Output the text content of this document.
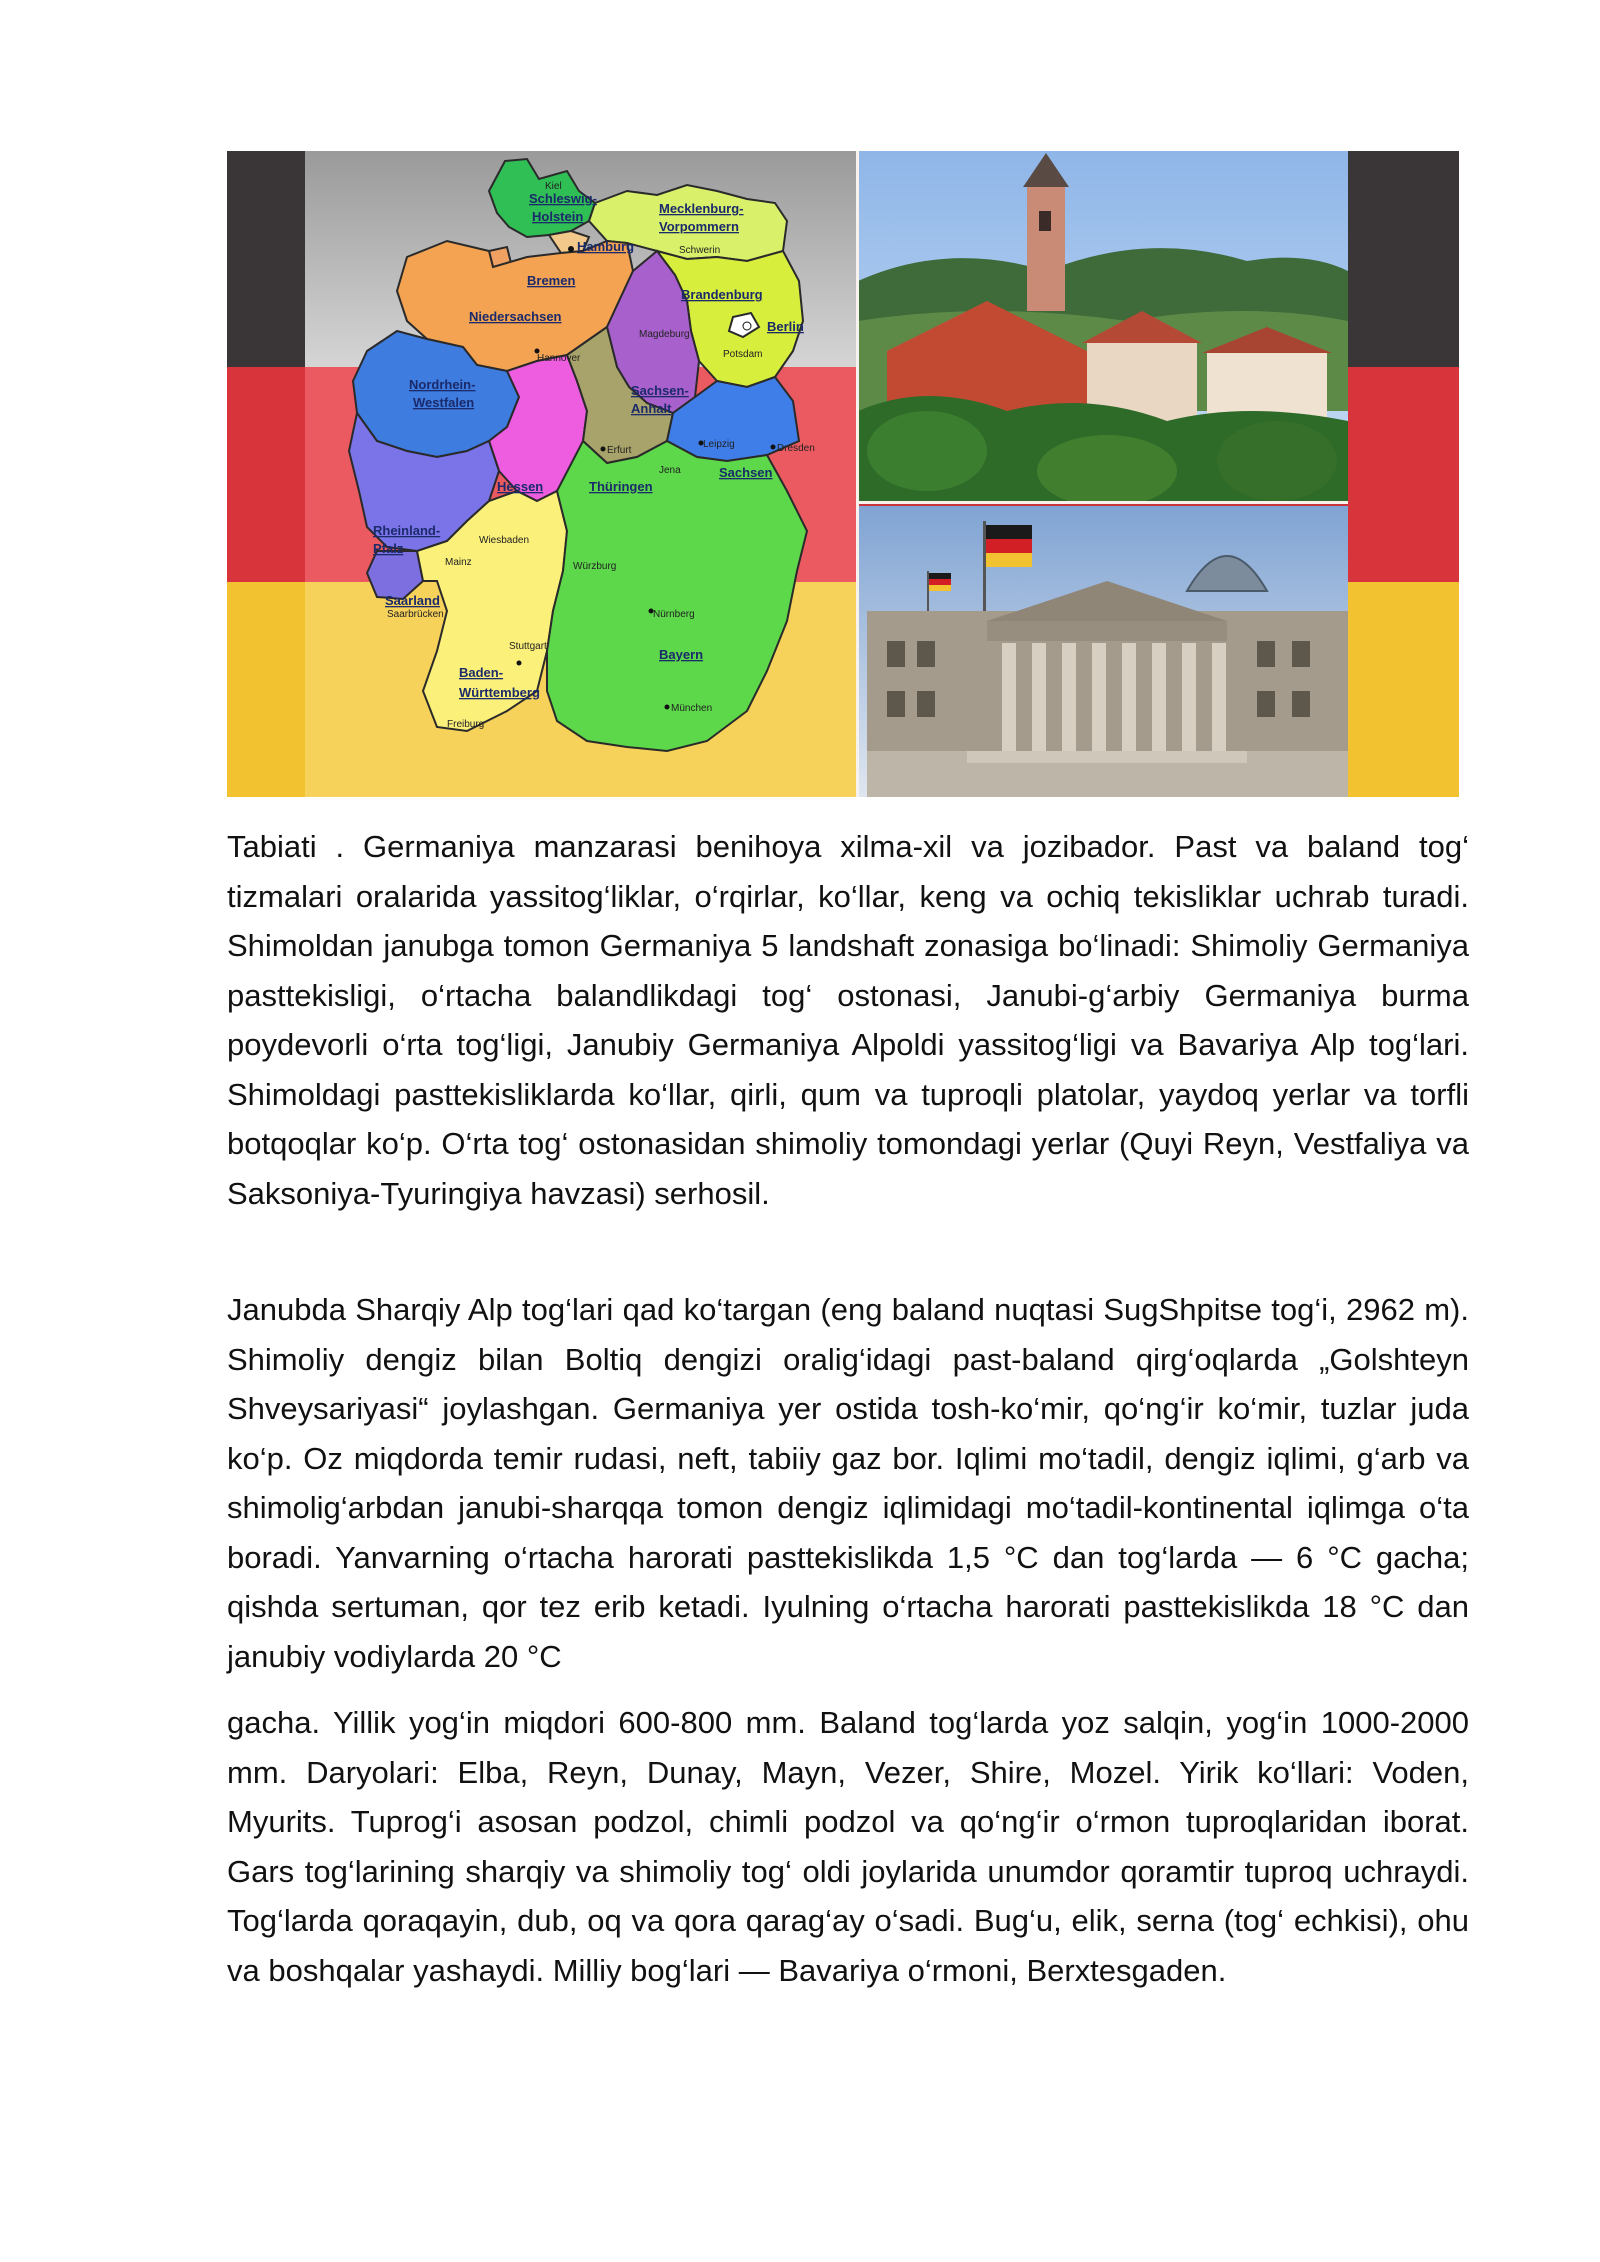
Schleswig-
Holstein
Mecklenburg-
Vorpommern
Hamburg
Bremen
Brandenburg
Berlin
Niedersachsen
Nordrhein-
Westfalen
Sachsen-
Anhalt
Sachsen
Hessen	Thüringen
Rheinland-
Pfalz
Saarland
Bayern
Baden-
Württemberg
Kiel
Schwerin
Potsdam
Hannover
Magdeburg
Leipzig	Dresden
Erfurt
Jena
Wiesbaden
Mainz	Würzburg
Saarbrücken	Nürnberg
Stuttgart
München
Freiburg

Tabiati . Germaniya manzarasi benihoya xilma-xil va jozibador. Past va baland tog‘ tizmalari oralarida yassitog‘liklar, o‘rqirlar, ko‘llar, keng va ochiq tekisliklar uchrab turadi. Shimoldan janubga tomon Germaniya 5 landshaft zonasiga bo‘linadi: Shimoliy Germaniya pasttekisligi, o‘rtacha balandlikdagi tog‘ ostonasi, Janubi-g‘arbiy Germaniya burma poydevorli o‘rta tog‘ligi, Janubiy Germaniya Alpoldi yassitog‘ligi va Bavariya Alp tog‘lari. Shimoldagi pasttekisliklarda ko‘llar, qirli, qum va tuproqli platolar, yaydoq yerlar va torfli botqoqlar ko‘p. O‘rta tog‘ ostonasidan shimoliy tomondagi yerlar (Quyi Reyn, Vestfaliya va Saksoniya-Tyuringiya havzasi) serhosil.

Janubda Sharqiy Alp tog‘lari qad ko‘targan (eng baland nuqtasi SugShpitse tog‘i, 2962 m). Shimoliy dengiz bilan Boltiq dengizi oralig‘idagi past-baland qirg‘oqlarda „Golshteyn Shveysariyasi“ joylashgan. Germaniya yer ostida tosh-ko‘mir, qo‘ng‘ir ko‘mir, tuzlar juda ko‘p. Oz miqdorda temir rudasi, neft, tabiiy gaz bor. Iqlimi mo‘tadil, dengiz iqlimi, g‘arb va shimolig‘arbdan janubi-sharqqa tomon dengiz iqlimidagi mo‘tadil-kontinental iqlimga o‘ta boradi. Yanvarning o‘rtacha harorati pasttekislikda 1,5 °C dan tog‘larda — 6 °C gacha; qishda sertuman, qor tez erib ketadi. Iyulning o‘rtacha harorati pasttekislikda 18 °C dan janubiy vodiylarda 20 °C

gacha. Yillik yog‘in miqdori 600-800 mm. Baland tog‘larda yoz salqin, yog‘in 1000-2000 mm. Daryolari: Elba, Reyn, Dunay, Mayn, Vezer, Shire, Mozel. Yirik ko‘llari: Voden, Myurits. Tuprog‘i asosan podzol, chimli podzol va qo‘ng‘ir o‘rmon tuproqlaridan iborat. Gars tog‘larining sharqiy va shimoliy tog‘ oldi joylarida unumdor qoramtir tuproq uchraydi. Tog‘larda qoraqayin, dub, oq va qora qarag‘ay o‘sadi. Bug‘u, elik, serna (tog‘ echkisi), ohu va boshqalar yashaydi. Milliy bog‘lari — Bavariya o‘rmoni, Berxtesgaden.
